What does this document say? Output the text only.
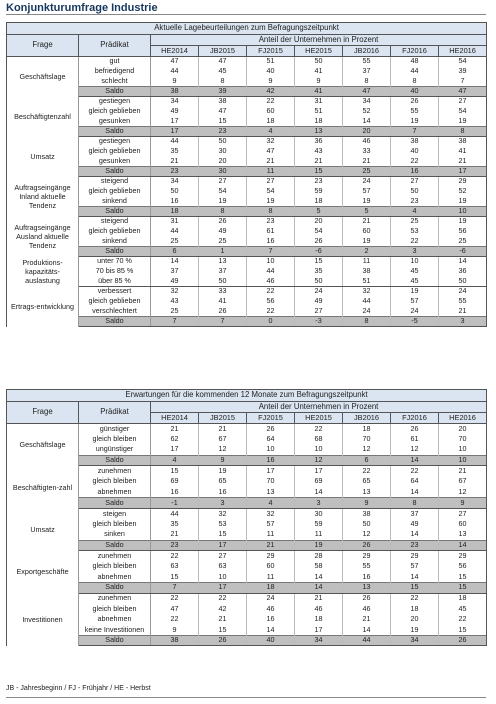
Konjunkturumfrage Industrie
Aktuelle Lagebeurteilungen zum Befragungszeitpunkt								
Frage	Prädikat	Anteil der Unternehmen in Prozent						
		HE2014	JB2015	FJ2015	HE2015	JB2016	FJ2016	HE2016
Geschäftslage	gut	47	47	51	50	55	48	54
	befriedigend	44	45	40	41	37	44	39
	schlecht	9	8	9	9	8	8	7
	Saldo	38	39	42	41	47	40	47
Beschäftigtenzahl	gestiegen	34	38	22	31	34	26	27
	gleich geblieben	49	47	60	51	52	55	54
	gesunken	17	15	18	18	14	19	19
	Saldo	17	23	4	13	20	7	8
Umsatz	gestiegen	44	50	32	36	46	38	38
	gleich geblieben	35	30	47	43	33	40	41
	gesunken	21	20	21	21	21	22	21
	Saldo	23	30	11	15	25	16	17
Auftragseingänge Inland aktuelle Tendenz	steigend	34	27	27	23	24	27	29
	gleich geblieben	50	54	54	59	57	50	52
	sinkend	16	19	19	18	19	23	19
	Saldo	18	8	8	5	5	4	10
Auftragseingänge Ausland aktuelle Tendenz	steigend	31	26	23	20	21	25	19
	gleich geblieben	44	49	61	54	60	53	56
	sinkend	25	25	16	26	19	22	25
	Saldo	6	1	7	-6	2	3	-6
Produktions-kapazitäts-auslastung	unter 70 %	14	13	10	15	11	10	14
	70 bis 85 %	37	37	44	35	38	45	36
	über 85 %	49	50	46	50	51	45	50
Ertrags-entwicklung	verbessert	32	33	22	24	32	19	24
	gleich geblieben	43	41	56	49	44	57	55
	verschlechtert	25	26	22	27	24	24	21
	Saldo	7	7	0	-3	8	-5	3
Erwartungen für die kommenden 12 Monate zum Befragungszeitpunkt								
Frage	Prädikat	Anteil der Unternehmen in Prozent						
		HE2014	JB2015	FJ2015	HE2015	JB2016	FJ2016	HE2016
Geschäftslage	günstiger	21	21	26	22	18	26	20
	gleich bleiben	62	67	64	68	70	61	70
	ungünstiger	17	12	10	10	12	12	10
	Saldo	4	9	16	12	6	14	10
Beschäftigten-zahl	zunehmen	15	19	17	17	22	22	21
	gleich bleiben	69	65	70	69	65	64	67
	abnehmen	16	16	13	14	13	14	12
	Saldo	-1	3	4	3	9	8	9
Umsatz	steigen	44	32	32	30	38	37	27
	gleich bleiben	35	53	57	59	50	49	60
	sinken	21	15	11	11	12	14	13
	Saldo	23	17	21	19	26	23	14
Exportgeschäfte	zunehmen	22	27	29	28	29	29	29
	gleich bleiben	63	63	60	58	55	57	56
	abnehmen	15	10	11	14	16	14	15
	Saldo	7	17	18	14	13	15	15
Investitionen	zunehmen	22	22	24	21	26	22	18
	gleich bleiben	47	42	46	46	46	18	45
	abnehmen	22	21	16	18	21	20	22
	keine Investitionen	9	15	14	17	14	19	15
	Saldo	38	26	40	34	44	34	26
JB - Jahresbeginn / FJ - Frühjahr / HE - Herbst
